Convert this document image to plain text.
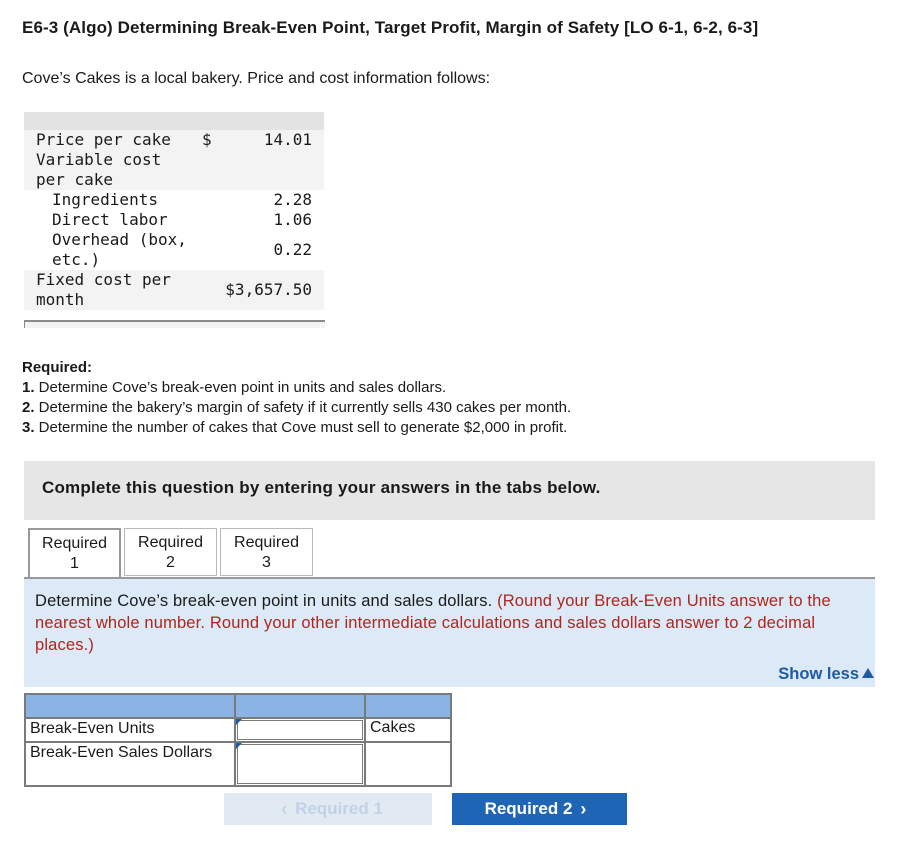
E6-3 (Algo) Determining Break-Even Point, Target Profit, Margin of Safety [LO 6-1, 6-2, 6-3]
Cove’s Cakes is a local bakery. Price and cost information follows:

Price per cake	$	14.01
Variable cost
per cake		
Ingredients		2.28
Direct labor		1.06
Overhead (box,
etc.)		0.22
Fixed cost per
month	$3,657.50	
Required:
1. Determine Cove’s break-even point in units and sales dollars.
2. Determine the bakery’s margin of safety if it currently sells 430 cakes per month.
3. Determine the number of cakes that Cove must sell to generate $2,000 in profit.
Complete this question by entering your answers in the tabs below.
Required
1
Required
2
Required
3
Determine Cove’s break-even point in units and sales dollars. (Round your Break-Even Units answer to the nearest whole number. Round your other intermediate calculations and sales dollars answer to 2 decimal places.)
Show less

Break-Even Units		Cakes
Break-Even Sales Dollars	

‹ Required 1	Required 2 ›
